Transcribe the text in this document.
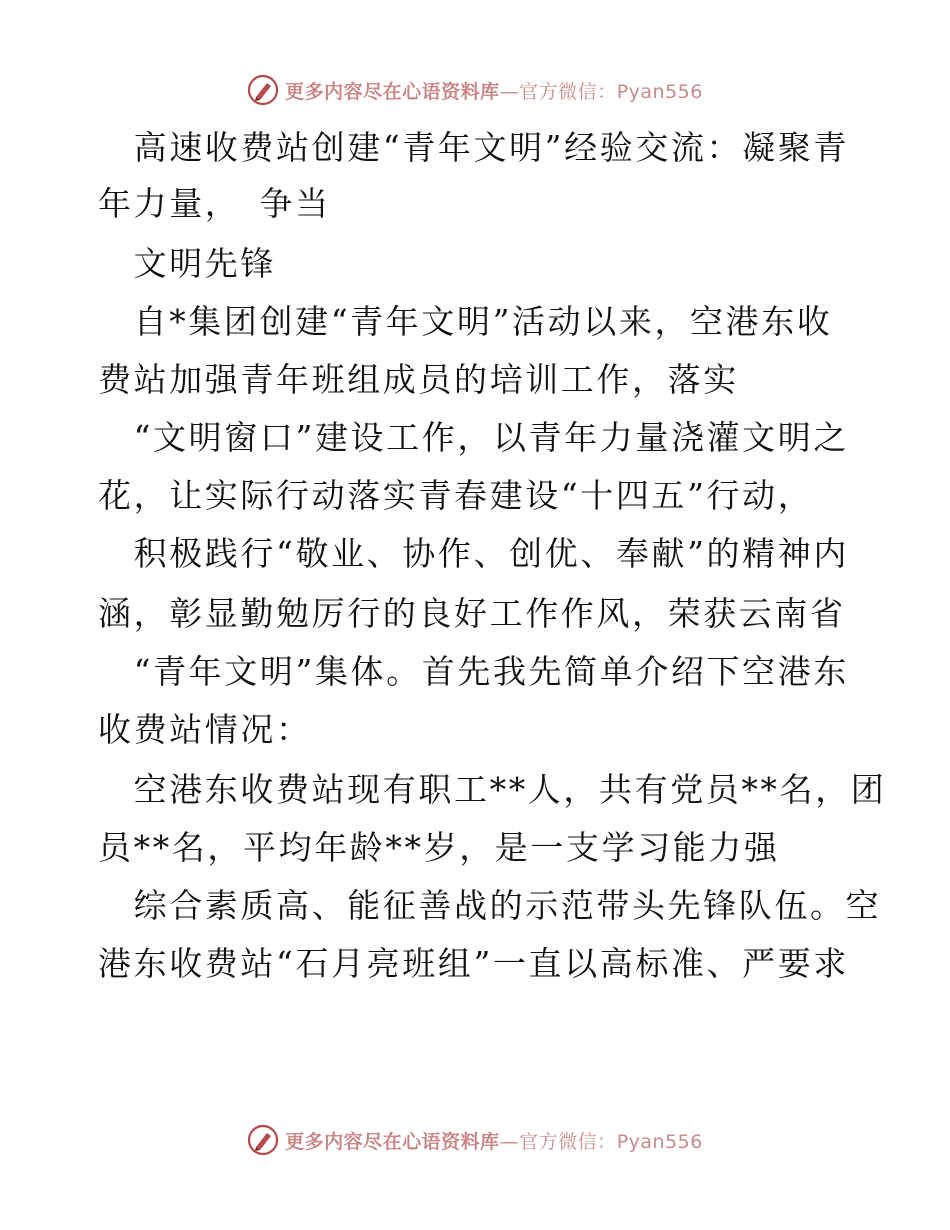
更多内容尽在心语资料库—官方微信：Pyan556
　高速收费站创建“青年文明”经验交流：凝聚青
年力量，　争当
　文明先锋
　自*集团创建“青年文明”活动以来，空港东收
费站加强青年班组成员的培训工作，落实
　“文明窗口”建设工作，以青年力量浇灌文明之
花，让实际行动落实青春建设“十四五”行动，
　积极践行“敬业、协作、创优、奉献”的精神内
涵，彰显勤勉厉行的良好工作作风，荣获云南省
　“青年文明”集体。首先我先简单介绍下空港东
收费站情况：
　空港东收费站现有职工**人，共有党员**名，团
员**名，平均年龄**岁，是一支学习能力强
　综合素质高、能征善战的示范带头先锋队伍。空
港东收费站“石月亮班组”一直以高标准、严要求
更多内容尽在心语资料库—官方微信：Pyan556
